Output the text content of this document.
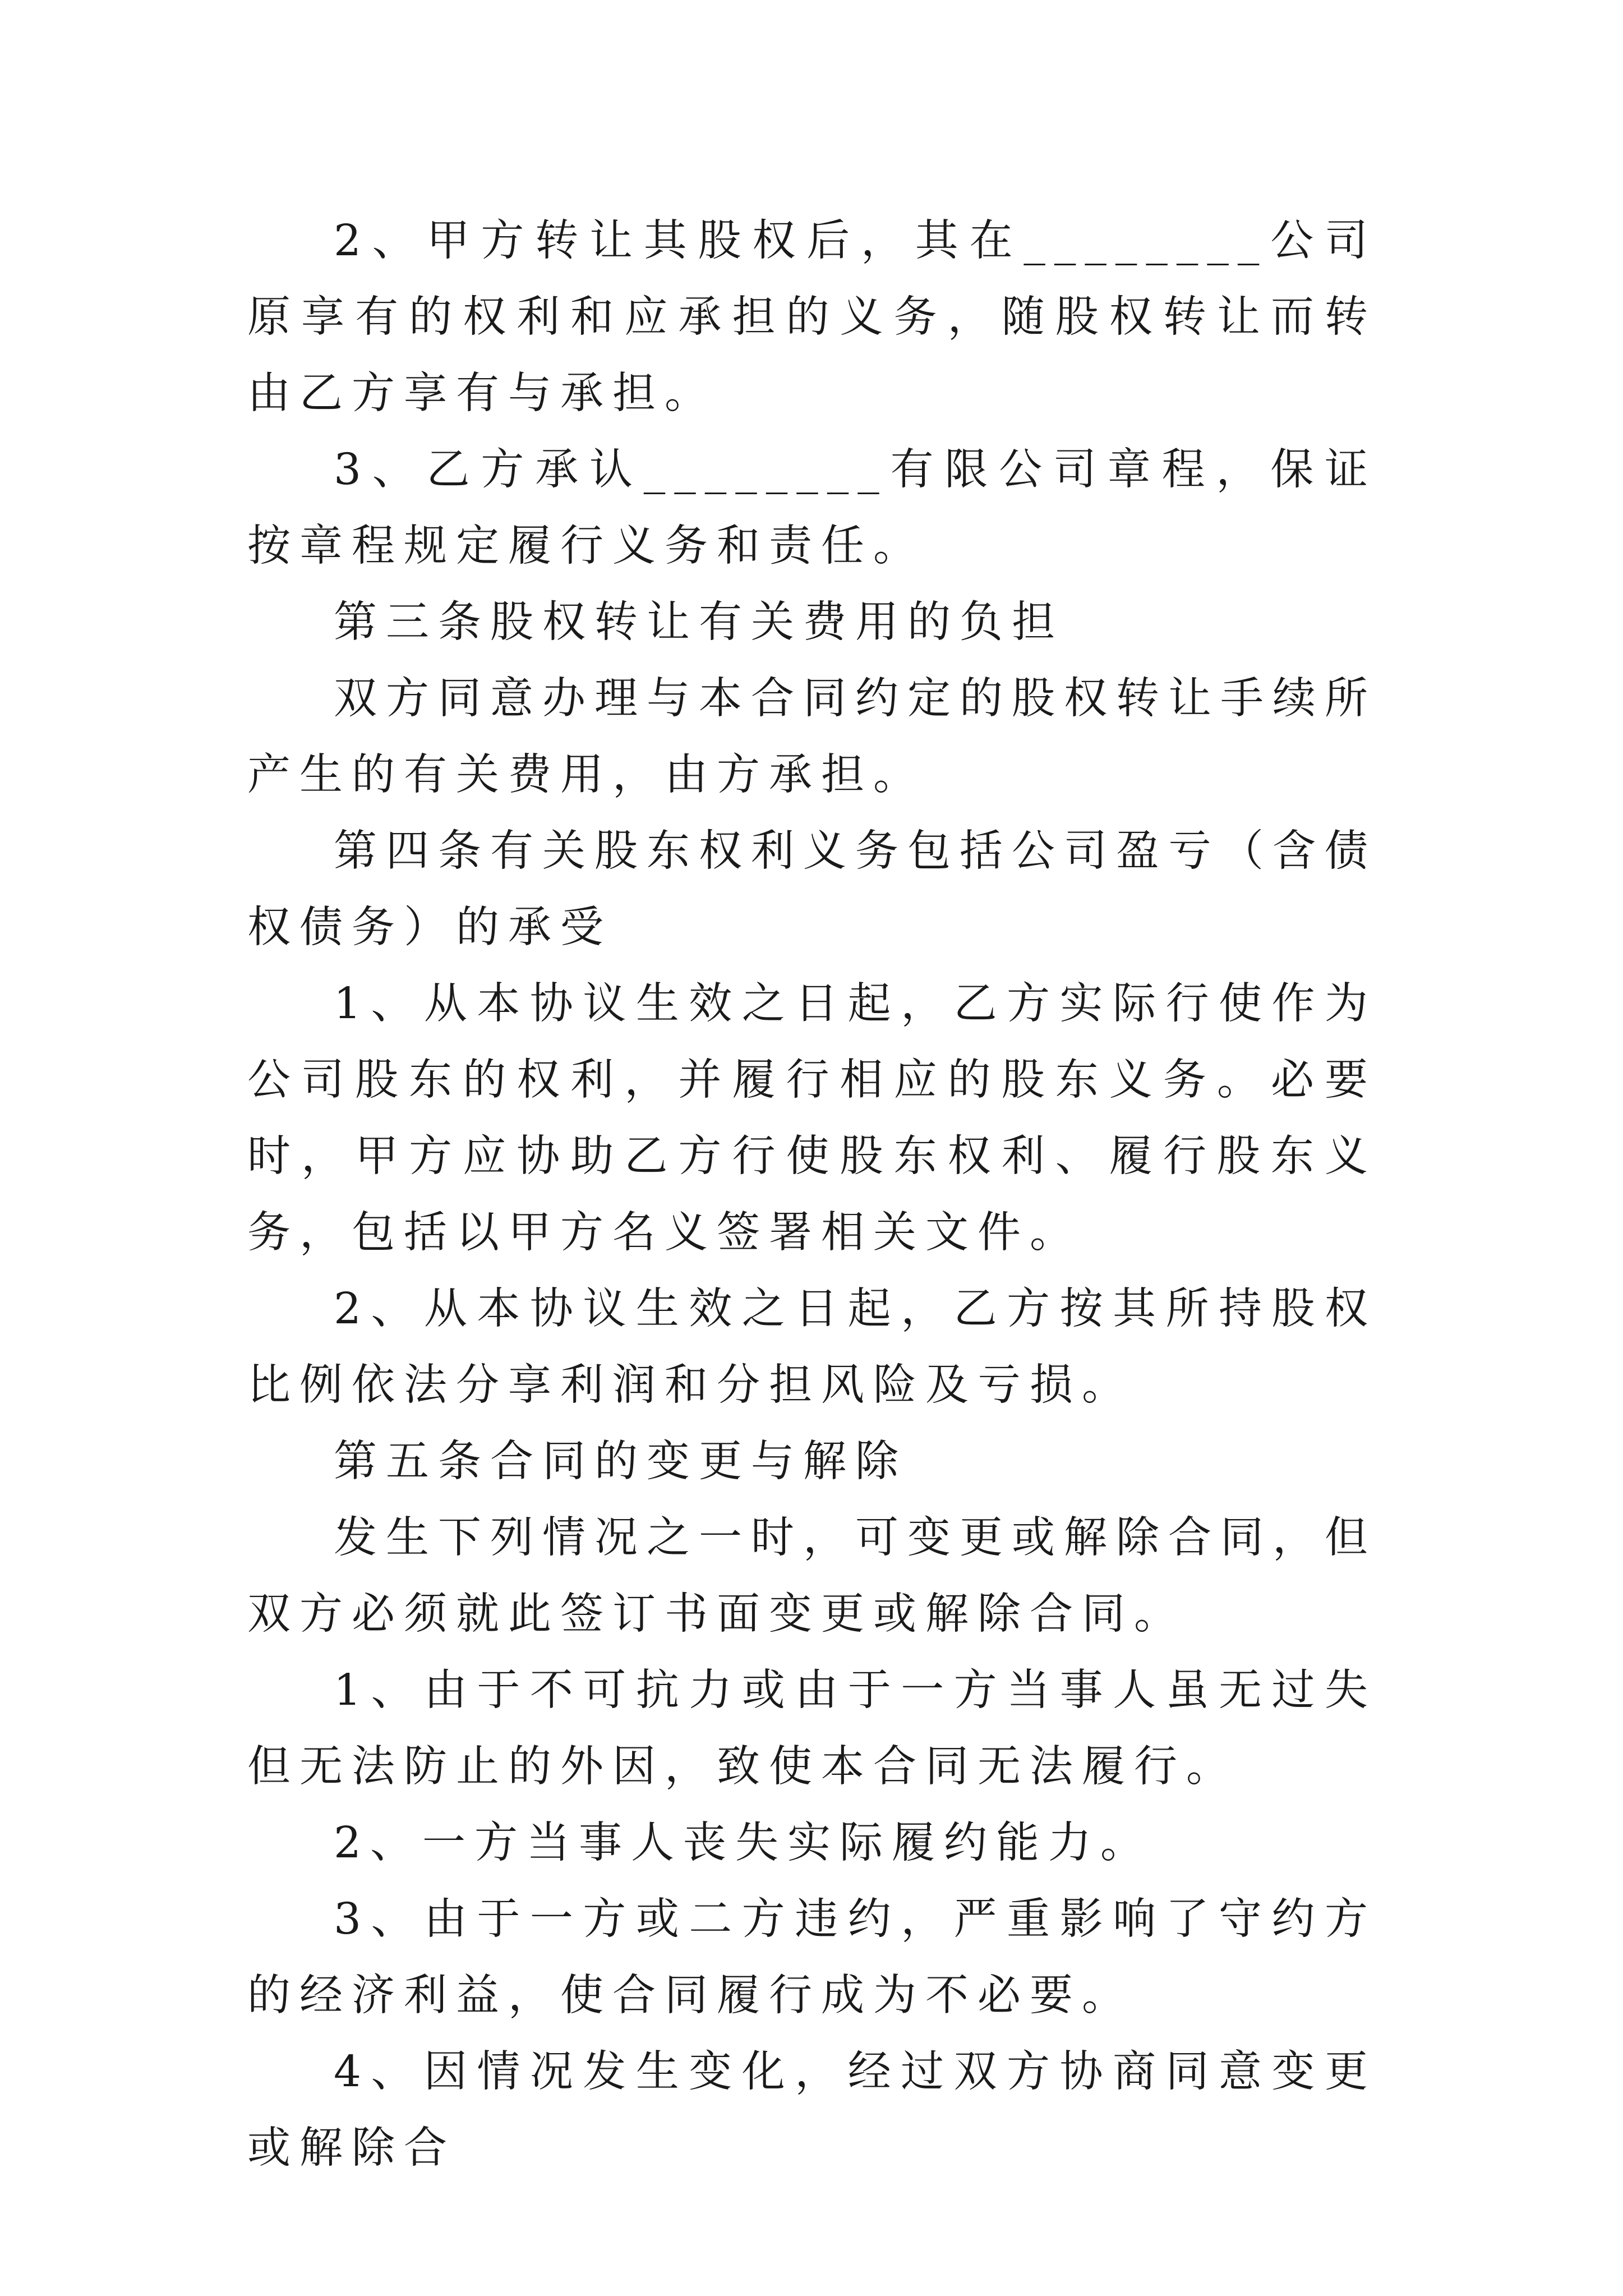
2、甲方转让其股权后，其在________公司原享有的权利和应承担的义务，随股权转让而转由乙方享有与承担。

3、乙方承认________有限公司章程，保证按章程规定履行义务和责任。

第三条股权转让有关费用的负担

双方同意办理与本合同约定的股权转让手续所产生的有关费用，由方承担。

第四条有关股东权利义务包括公司盈亏（含债权债务）的承受

1、从本协议生效之日起，乙方实际行使作为公司股东的权利，并履行相应的股东义务。必要时，甲方应协助乙方行使股东权利、履行股东义务，包括以甲方名义签署相关文件。

2、从本协议生效之日起，乙方按其所持股权比例依法分享利润和分担风险及亏损。

第五条合同的变更与解除

发生下列情况之一时，可变更或解除合同，但双方必须就此签订书面变更或解除合同。

1、由于不可抗力或由于一方当事人虽无过失但无法防止的外因，致使本合同无法履行。

2、一方当事人丧失实际履约能力。

3、由于一方或二方违约，严重影响了守约方的经济利益，使合同履行成为不必要。

4、因情况发生变化，经过双方协商同意变更或解除合
